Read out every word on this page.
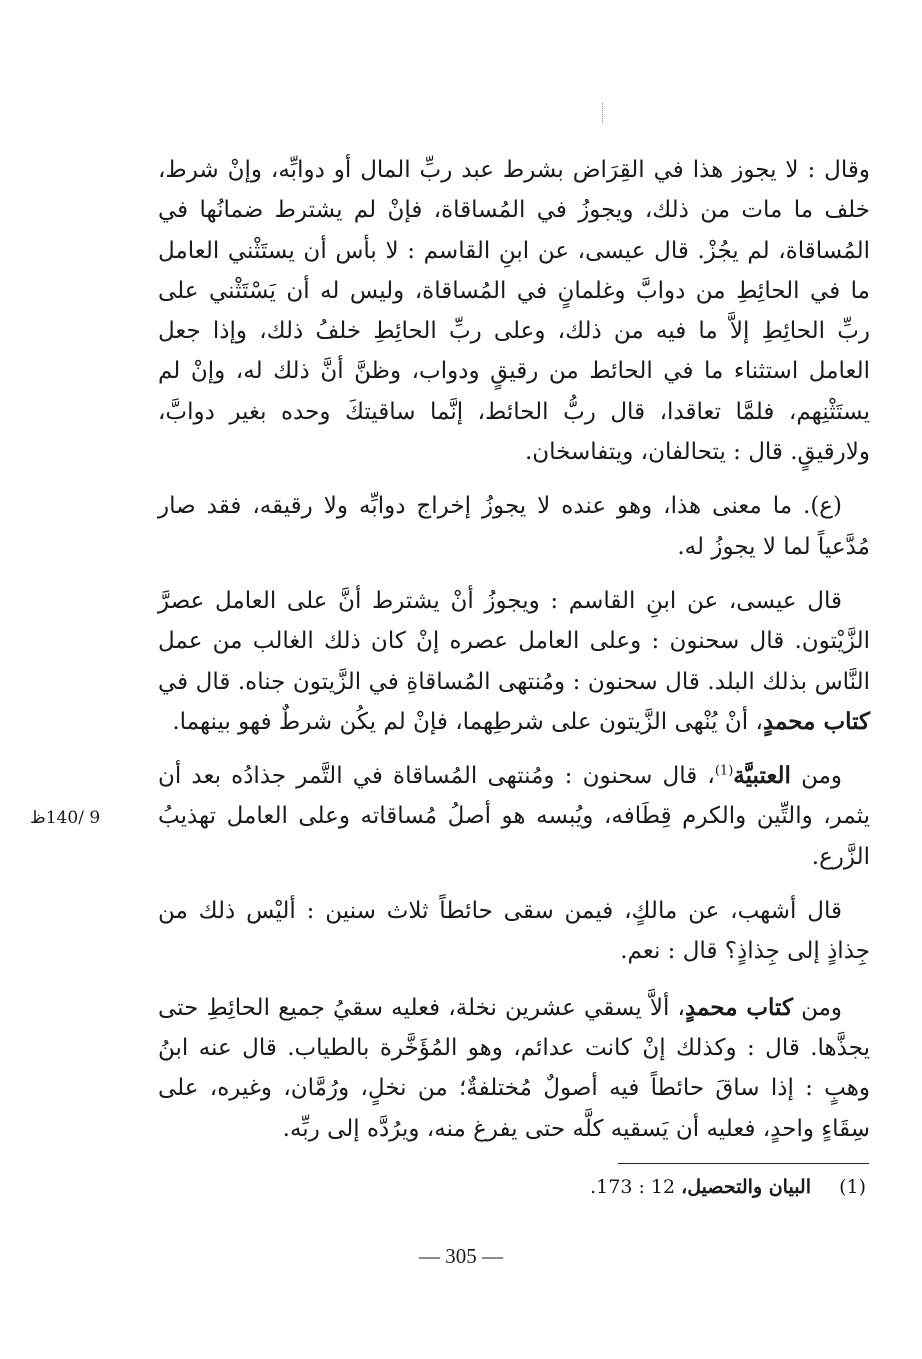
وقال : لا يجوز هذا في القِرَاض بشرط عبد ربِّ المال أو دوابِّه، وإنْ شرط، خلف ما مات من ذلك، ويجوزُ في المُساقاة، فإنْ لم يشترط ضمانُها في المُساقاة، لم يجُزْ. قال عيسى، عن ابنِ القاسم : لا بأس أن يستَثْني العامل ما في الحائِطِ من دوابَّ وغلمانٍ في المُساقاة، وليس له أن يَسْتَثْني على ربِّ الحائِطِ إلاَّ ما فيه من ذلك، وعلى ربِّ الحائِطِ خلفُ ذلك، وإذا جعل العامل استثناء ما في الحائط من رقيقٍ ودواب، وظنَّ أنَّ ذلك له، وإنْ لم يستَثْنِهم، فلمَّا تعاقدا، قال ربُّ الحائط، إنَّما ساقيتكَ وحده بغير دوابَّ، ولارقيقٍ. قال : يتحالفان، ويتفاسخان.

(ع). ما معنى هذا، وهو عنده لا يجوزُ إخراج دوابِّه ولا رقيقه، فقد صار مُدَّعياً لما لا يجوزُ له.

قال عيسى، عن ابنِ القاسم : ويجوزُ أنْ يشترط أنَّ على العامل عصرَّ الزَّيْتون. قال سحنون : وعلى العامل عصره إنْ كان ذلك الغالب من عمل النَّاس بذلك البلد. قال سحنون : ومُنتهى المُساقاةِ في الزَّيتون جناه. قال في كتاب محمدٍ، أنْ يُنْهى الزَّيتون على شرطِهما، فإنْ لم يكُن شرطٌ فهو بينهما.

ومن العتبيَّة$^{(1)}$، قال سحنون : ومُنتهى المُساقاة في التَّمر جذادُه بعد أن يثمر، والتِّين والكرم قِطَافه، ويُبسه هو أصلُ مُساقاته وعلى العامل تهذيبُ الزَّرع.

قال أشهب، عن مالكٍ، فيمن سقى حائطاً ثلاث سنين : أليْس ذلك من جِذاذٍ إلى جِذاذٍ؟ قال : نعم.

ومن كتاب محمدٍ، ألاَّ يسقي عشرين نخلة، فعليه سقيُ جميع الحائِطِ حتى يجذَّها. قال : وكذلك إنْ كانت عدائم، وهو المُؤَخَّرة بالطياب. قال عنه ابنُ وهبٍ : إذا ساقَ حائطاً فيه أصولٌ مُختلفةٌ؛ من نخلٍ، ورُمَّان، وغيره، على سِقَاءٍ واحدٍ، فعليه أن يَسقيه كلَّه حتى يفرغ منه، ويرُدَّه إلى ربِّه.

9 /140ظ
(1) البيان والتحصيل، 12 : 173.
— 305 —
